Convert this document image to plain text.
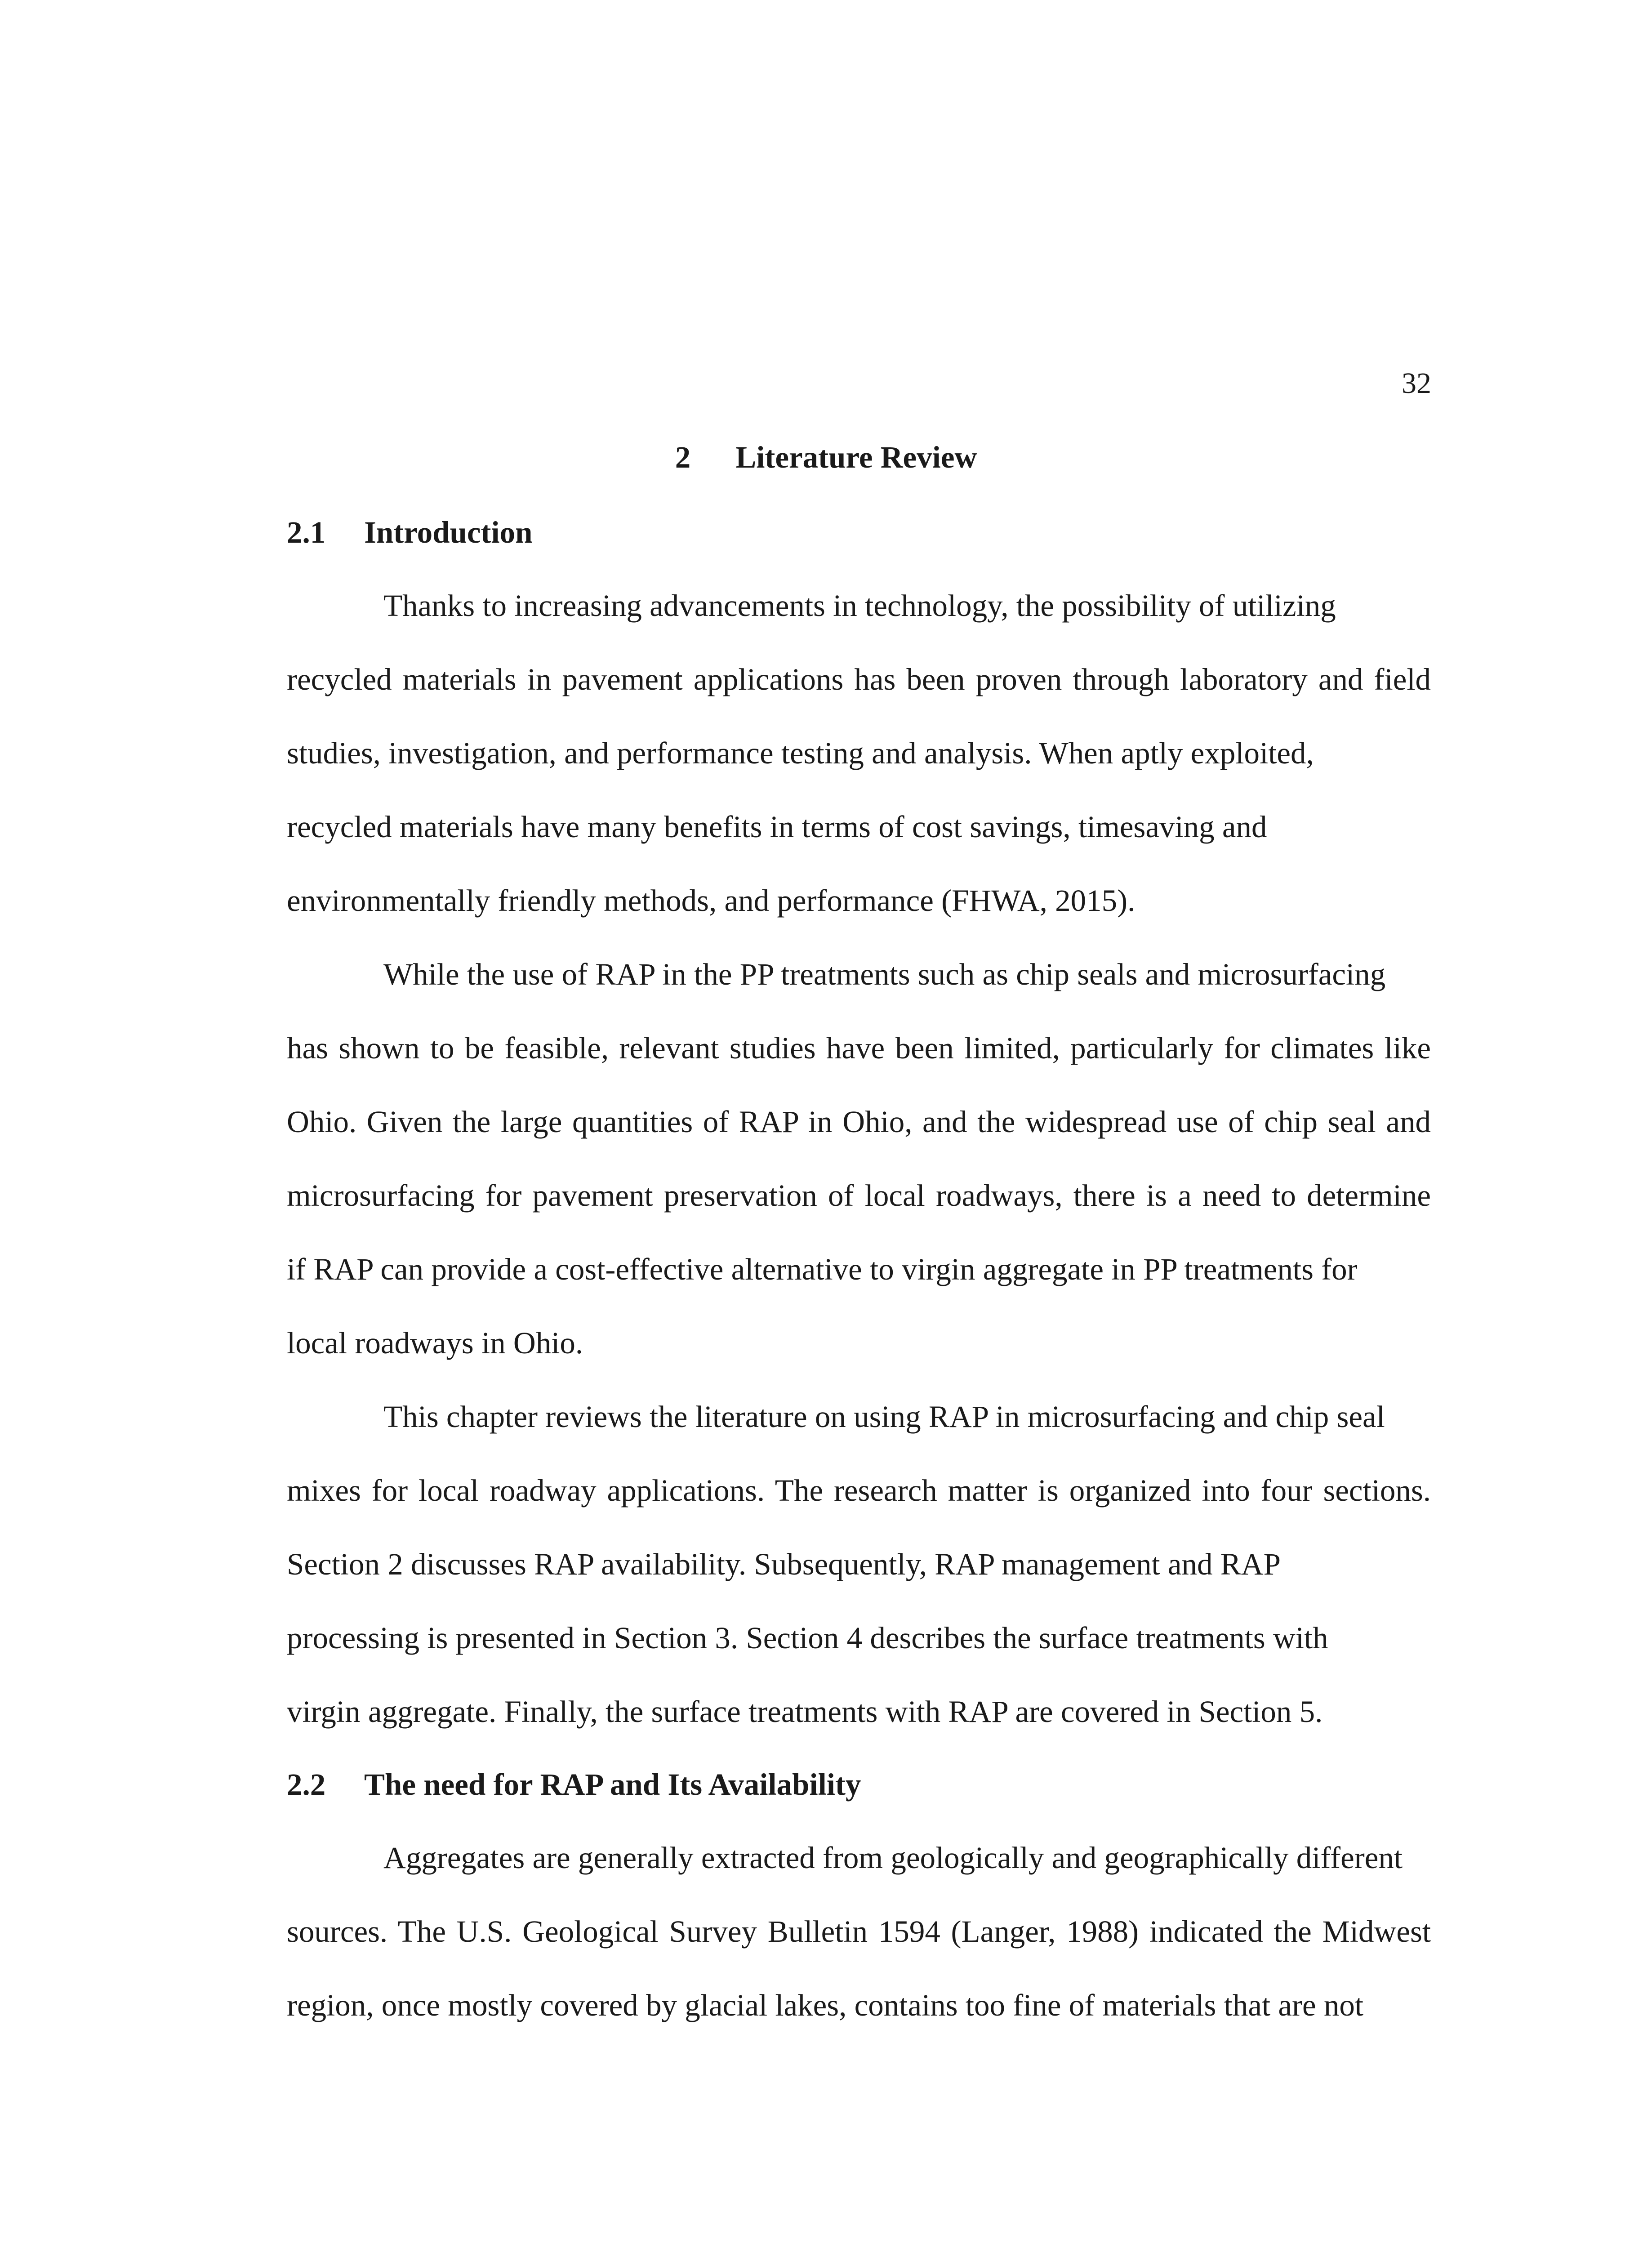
32
2 Literature Review
2.1 Introduction
Thanks to increasing advancements in technology, the possibility of utilizing
recycled materials in pavement applications has been proven through laboratory and field
studies, investigation, and performance testing and analysis. When aptly exploited,
recycled materials have many benefits in terms of cost savings, timesaving and
environmentally friendly methods, and performance (FHWA, 2015).
While the use of RAP in the PP treatments such as chip seals and microsurfacing
has shown to be feasible, relevant studies have been limited, particularly for climates like
Ohio. Given the large quantities of RAP in Ohio, and the widespread use of chip seal and
microsurfacing for pavement preservation of local roadways, there is a need to determine
if RAP can provide a cost-effective alternative to virgin aggregate in PP treatments for
local roadways in Ohio.
This chapter reviews the literature on using RAP in microsurfacing and chip seal
mixes for local roadway applications. The research matter is organized into four sections.
Section 2 discusses RAP availability. Subsequently, RAP management and RAP
processing is presented in Section 3. Section 4 describes the surface treatments with
virgin aggregate. Finally, the surface treatments with RAP are covered in Section 5.
2.2 The need for RAP and Its Availability
Aggregates are generally extracted from geologically and geographically different
sources. The U.S. Geological Survey Bulletin 1594 (Langer, 1988) indicated the Midwest
region, once mostly covered by glacial lakes, contains too fine of materials that are not
